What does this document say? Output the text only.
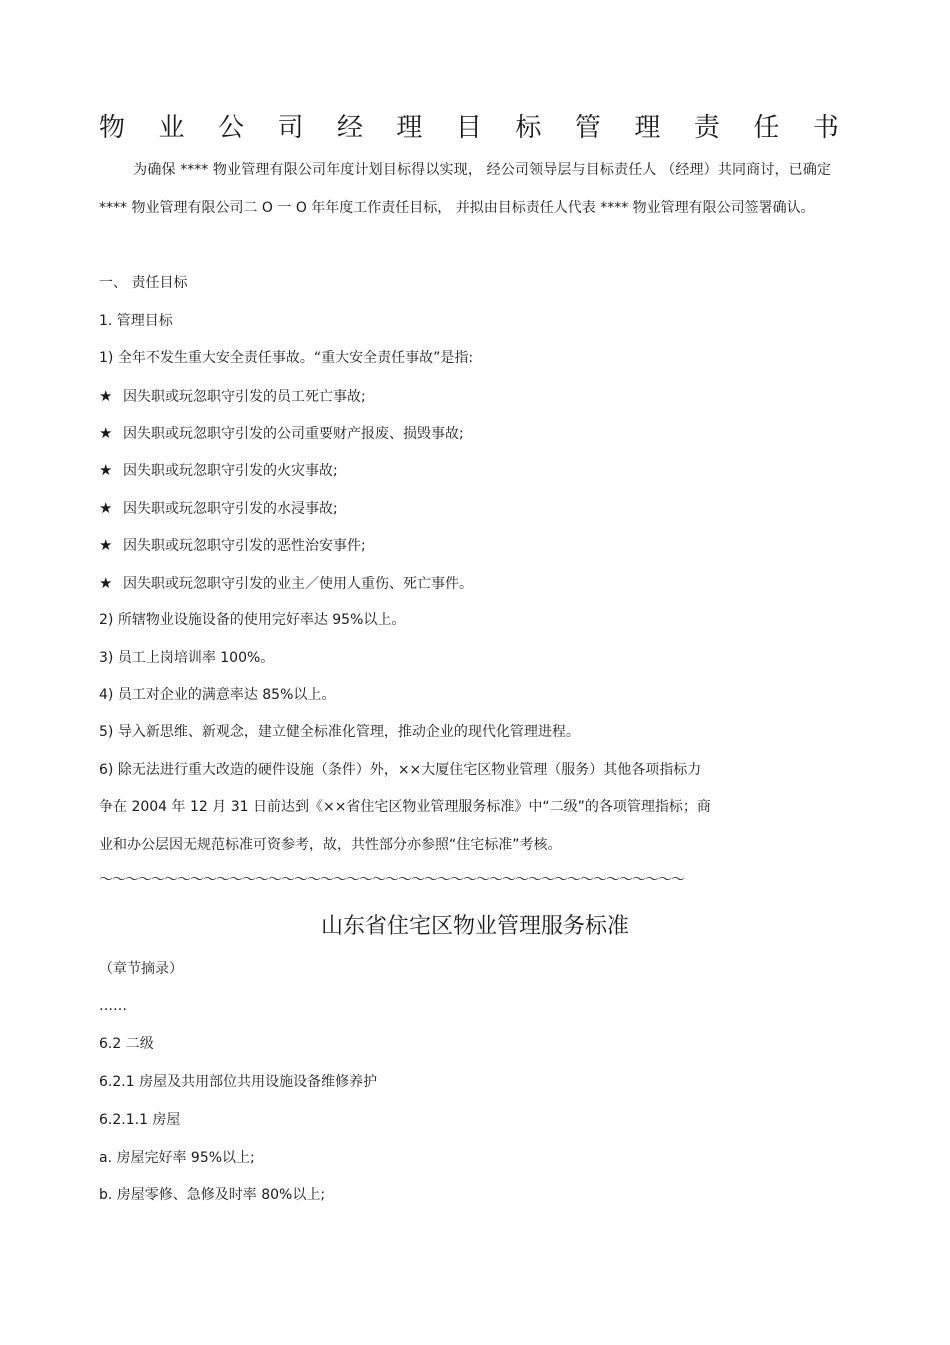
物 业 公 司 经 理 目 标 管 理 责 任 书
为确保 **** 物业管理有限公司年度计划目标得以实现， 经公司领导层与目标责任人 （经理）共同商讨，已确定 **** 物业管理有限公司二 O 一 O 年年度工作责任目标， 并拟由目标责任人代表 **** 物业管理有限公司签署确认。
一、 责任目标
1. 管理目标
1) 全年不发生重大安全责任事故。“重大安全责任事故”是指:
★ 因失职或玩忽职守引发的员工死亡事故;
★ 因失职或玩忽职守引发的公司重要财产报废、损毁事故;
★ 因失职或玩忽职守引发的火灾事故;
★ 因失职或玩忽职守引发的水浸事故;
★ 因失职或玩忽职守引发的恶性治安事件;
★ 因失职或玩忽职守引发的业主／使用人重伤、死亡事件。
2) 所辖物业设施设备的使用完好率达 95%以上。
3) 员工上岗培训率 100%。
4) 员工对企业的满意率达 85%以上。
5) 导入新思维、新观念，建立健全标准化管理，推动企业的现代化管理进程。
6) 除无法进行重大改造的硬件设施（条件）外，××大厦住宅区物业管理（服务）其他各项指标力
争在 2004 年 12 月 31 日前达到《××省住宅区物业管理服务标准》中“二级”的各项管理指标；商
业和办公层因无规范标准可资参考，故，共性部分亦参照“住宅标准”考核。
～～～～～～～～～～～～～～～～～～～～～～～～～～～～～～～～～～～～～～～～～～～～～
山东省住宅区物业管理服务标准
（章节摘录）
……
6.2 二级
6.2.1 房屋及共用部位共用设施设备维修养护
6.2.1.1 房屋
a. 房屋完好率 95%以上;
b. 房屋零修、急修及时率 80%以上;
